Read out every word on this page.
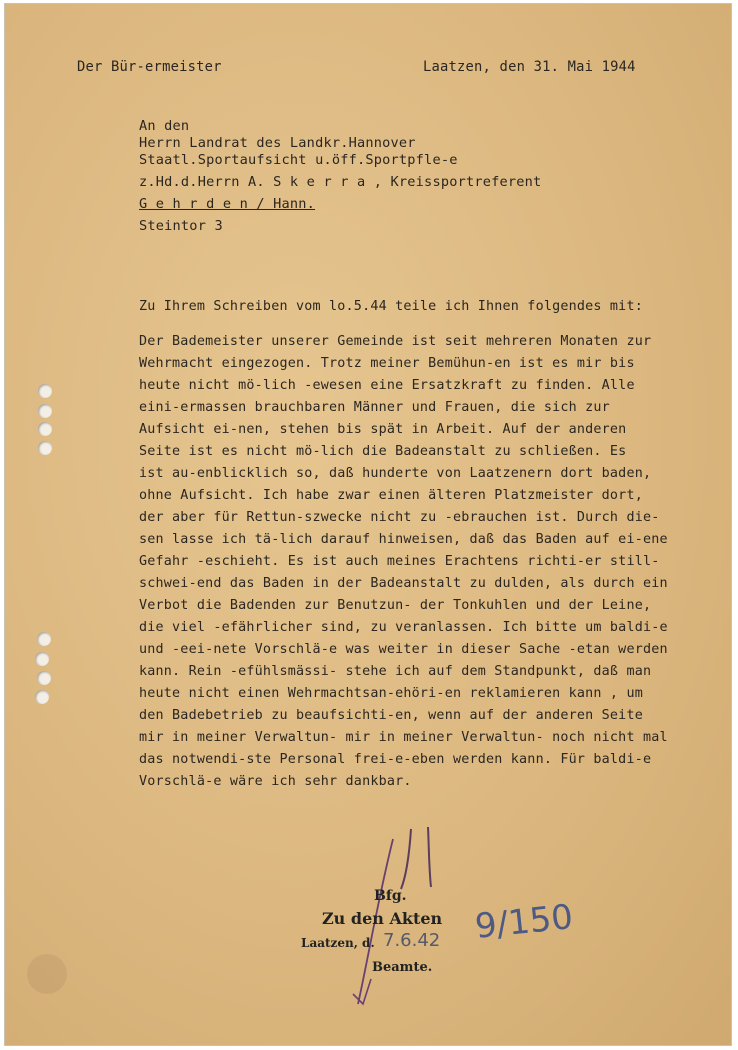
Der Bür-ermeister	Laatzen, den 31. Mai 1944
An den
Herrn Landrat des Landkr.Hannover
Staatl.Sportaufsicht u.öff.Sportpfle-e
z.Hd.d.Herrn A. S k e r r a , Kreissportreferent
G e h r d e n / Hann.
Steintor 3
Zu Ihrem Schreiben vom lo.5.44 teile ich Ihnen folgendes mit:
Der Bademeister unserer Gemeinde ist seit mehreren Monaten zur
Wehrmacht eingezogen. Trotz meiner Bemühun-en ist es mir bis
heute nicht mö-lich -ewesen eine Ersatzkraft zu finden. Alle
eini-ermassen brauchbaren Männer und Frauen, die sich zur
Aufsicht ei-nen, stehen bis spät in Arbeit. Auf der anderen
Seite ist es nicht mö-lich die Badeanstalt zu schließen. Es
ist au-enblicklich so, daß hunderte von Laatzenern dort baden,
ohne Aufsicht. Ich habe zwar einen älteren Platzmeister dort,
der aber für Rettun-szwecke nicht zu -ebrauchen ist. Durch die-
sen lasse ich tä-lich darauf hinweisen, daß das Baden auf ei-ene
Gefahr -eschieht. Es ist auch meines Erachtens richti-er still-
schwei-end das Baden in der Badeanstalt zu dulden, als durch ein
Verbot die Badenden zur Benutzun- der Tonkuhlen und der Leine,
die viel -efährlicher sind, zu veranlassen. Ich bitte um baldi-e
und -eei-nete Vorschlä-e was weiter in dieser Sache -etan werden
kann. Rein -efühlsmässi- stehe ich auf dem Standpunkt, daß man
heute nicht einen Wehrmachtsan-ehöri-en reklamieren kann , um
den Badebetrieb zu beaufsichti-en, wenn auf der anderen Seite
mir in meiner Verwaltun- mir in meiner Verwaltun- noch nicht mal
das notwendi-ste Personal frei-e-eben werden kann. Für baldi-e
Vorschlä-e wäre ich sehr dankbar.
Bfg.
Zu den Akten
Laatzen, d. 7.6.42
Beamte.
9/150
